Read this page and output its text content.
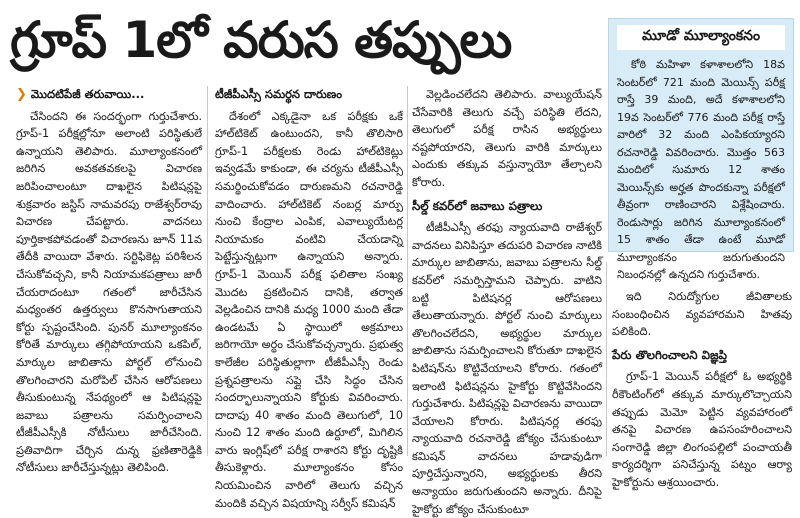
గ్రూప్ 1లో వరుస తప్పులు	మూడో మూల్యాంకనం

కోఠి మహిళా కళాశాలలోని 18వ సెంటర్‌లో 721 మంది మెయిన్స్ పరీక్ష రాస్తే 39 మంది, అదే కళాశాలలోని 19వ సెంటర్‌లో 776 మంది పరీక్ష రాస్తే వారిలో 32 మంది ఎంపికయ్యారని రచనారెడ్డి వివరించారు. మొత్తం 563 మందిలో సుమారు 12 శాతం మెయిన్స్‌కు అర్హత పొందకున్నా పరీక్షలో తీవ్రంగా రాణించారని విశ్లేషించారు. రెండుసార్లు జరిగిన మూల్యాంకనంలో 15 శాతం తేడా ఉంటే మూడో మూల్యాంకనం జరుగుతుందని నిబంధనల్లో ఉన్నదని గుర్తుచేశారు.

❯ మొదటిపేజీ తరువాయి...

చేసిందని ఈ సందర్భంగా గుర్తుచేశారు. గ్రూప్-1 పరీక్షల్లోనూ అలాంటి పరిస్థితులే ఉన్నాయని తెలిపారు. మూల్యాంకనంలో జరిగిన అవకతవకలపై విచారణ జరిపించాలంటూ దాఖలైన పిటిషన్లపై శుక్రవారం జస్టిస్ నామవరపు రాజేశ్వర్‌రావు విచారణ చేపట్టారు. వాదనలు పూర్తికాకపోవడంతో విచారణను జూన్ 11వ తేదీకి వాయిదా వేశారు. సర్టిఫికెట్ల పరిశీలన చేసుకోవచ్చని, కానీ నియామకపత్రాలు జారీ చేయరాదంటూ గతంలో జారీచేసిన మధ్యంతర ఉత్తర్వులు కొనసాగుతాయని కోర్టు స్పష్టంచేసింది. పునర్ మూల్యాంకనం కోరితే మార్కులు తగ్గిపోయాయని ఒకపిల్, మార్కుల జాబితాను పోర్టల్ లోనుంచి తొలగించారని మరోపిల్ చేసిన ఆరోపణలు తీసుకుంటున్న నేపథ్యంలో ఆ పిటిషన్లపై జవాబు పత్రాలను సమర్పించాలని టీజీపీఎస్సీకి నోటీసులు జారీచేసింది. ప్రతివాదిగా చేర్చిన దున్న ఫ్రణితారెడ్డికి నోటీసులు జారీచేస్తున్నట్లు తెలిపింది.

టీజీపీఎస్సీ సమర్థన దారుణం

దేశంలో ఎక్కడైనా ఒక పరీక్షకు ఒకే హాల్‌టికెట్ ఉంటుందని, కానీ తొలిసారి గ్రూప్-1 పరీక్షలకు రెండు హాల్‌టికెట్లు ఇవ్వడమే కాకుండా, ఈ చర్యను టీజీపీఎస్సీ సమర్థించుకోవడం దారుణమని రచనారెడ్డి వాదించారు. హాల్‌టికెట్ నంబర్ల మార్పు నుంచి కేంద్రాల ఎంపిక, ఎవాల్యుయేటర్ల నియామకం వంటివి చేయడాన్ని పెట్టేస్తున్నట్లుగా ఉన్నాయని అన్నారు. గ్రూప్-1 మెయిన్ పరీక్ష ఫలితాల సంఖ్య మొదట ప్రకటించిన దానికి, తర్వాత వెల్లడించిన దానికి మధ్య 1000 మంది తేడా ఉండటమే ఏ స్థాయిలో అక్రమాలు జరిగాయో అర్థం చేసుకోవచ్చన్నారు. ప్రభుత్వ కాలేజీల పరిస్థితుల్లాగా టీజీపీఎస్సీ రెండు ప్రశ్నపత్రాలను సప్లై చేసి సిద్ధం చేసిన సందర్భాలున్నాయని కోర్టుకు వివరించారు. దాదాపు 40 శాతం మంది తెలుగులో, 10 నుంచి 12 శాతం మంది ఉర్దూలో, మిగిలిన వారు ఇంగ్లిష్‌లో పరీక్ష రాశారని కోర్టు దృష్టికి తీసుకెళ్లారు. మూల్యాంకనం కోసం నియమించిన వారిలో తెలుగు వచ్చిన మందికి వచ్చిన విషయాన్ని సర్వీస్ కమిషన్

వెల్లడించలేదని తెలిపారు. వాల్యుయేషన్ చేసేవారికి తెలుగు వచ్చే పరిస్థితి లేదని, తెలుగులో పరీక్ష రాసిన అభ్యర్థులు నష్టపోయారని, తెలుగు వారికి మార్కులు ఎందుకు తక్కువ వస్తున్నాయో తేల్చాలని కోరారు.

సీల్డ్ కవర్‌లో జవాబు పత్రాలు

టీజీపీఎస్సీ తరఫు న్యాయవాది రాజేశ్వర్ వాదనలు వినిపిస్తూ తదుపరి విచారణ నాటికి మార్కుల జాబితాను, జవాబు పత్రాలను సీల్డ్ కవర్‌లో సమర్పిస్తామని చెప్పారు. వాటిని బట్టి పిటిషనర్ల ఆరోపణలు తేలుతాయన్నారు. పోర్టల్ నుంచి మార్కులు తొలగించలేదని, అభ్యర్థుల మార్కుల జాబితాను సమర్పించాలని కోరుతూ దాఖలైన పిటిషన్‌ను కొట్టివేయాలని కోరారు. గతంలో ఇలాంటి ఫిటిషన్లను హైకోర్టు కొట్టివేసిందని గుర్తుచేశారు. పిటిషన్లపై విచారణను వాయిదా వేయాలని కోరారు. పిటిషనర్ల తరఫు న్యాయవాది రచనారెడ్డి జోక్యం చేసుకుంటూ కమిషన్ వాదనలు హడావుడిగా పూర్తిచేస్తున్నారని, అభ్యర్థులకు తీరని అన్యాయం జరుగుతుందని అన్నారు. దీనిపై హైకోర్టు జోక్యం చేసుకుంటూ

ఇది నిరుద్యోగుల జీవితాలకు సంబంధించిన వ్యవహారమని హితవు పలికింది.

పేరు తొలగించాలని విజ్ఞప్తి

గ్రూప్-1 మెయిన్ పరీక్షలో ఓ అభ్యర్థికి రీకౌంటింగ్‌లో తక్కువ మార్కులొచ్చాయని తప్పుడు మెమో పెట్టిన వ్యవహారంలో తనపై విచారణ ఉపసంహరించాలని సంగారెడ్డి జిల్లా లింగంపల్లిలో పంచాయతీ కార్యదర్శిగా పనిచేస్తున్న పట్నం ఆర్యా హైకోర్టును ఆశ్రయించారు.
